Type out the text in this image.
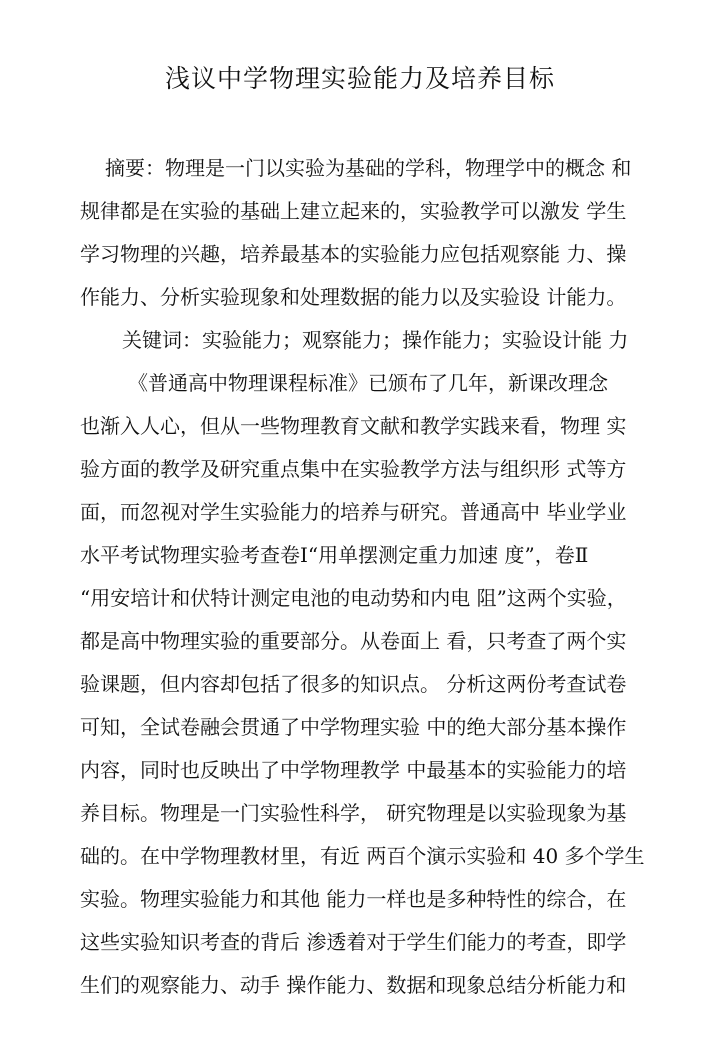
浅议中学物理实验能力及培养目标

摘要：物理是一门以实验为基础的学科，物理学中的概念 和

规律都是在实验的基础上建立起来的，实验教学可以激发 学生

学习物理的兴趣，培养最基本的实验能力应包括观察能 力、操

作能力、分析实验现象和处理数据的能力以及实验设 计能力。

关键词：实验能力；观察能力；操作能力；实验设计能 力

《普通高中物理课程标准》已颁布了几年，新课改理念

也渐入人心，但从一些物理教育文献和教学实践来看，物理 实

验方面的教学及研究重点集中在实验教学方法与组织形 式等方

面，而忽视对学生实验能力的培养与研究。普通高中 毕业学业

水平考试物理实验考查卷Ⅰ“用单摆测定重力加速 度”，卷Ⅱ

“用安培计和伏特计测定电池的电动势和内电 阻”这两个实验，

都是高中物理实验的重要部分。从卷面上 看，只考查了两个实

验课题，但内容却包括了很多的知识点。 分析这两份考查试卷

可知，全试卷融会贯通了中学物理实验 中的绝大部分基本操作

内容，同时也反映出了中学物理教学 中最基本的实验能力的培

养目标。物理是一门实验性科学， 研究物理是以实验现象为基

础的。在中学物理教材里，有近 两百个演示实验和 40 多个学生

实验。物理实验能力和其他 能力一样也是多种特性的综合，在

这些实验知识考查的背后 渗透着对于学生们能力的考查，即学

生们的观察能力、动手 操作能力、数据和现象总结分析能力和
